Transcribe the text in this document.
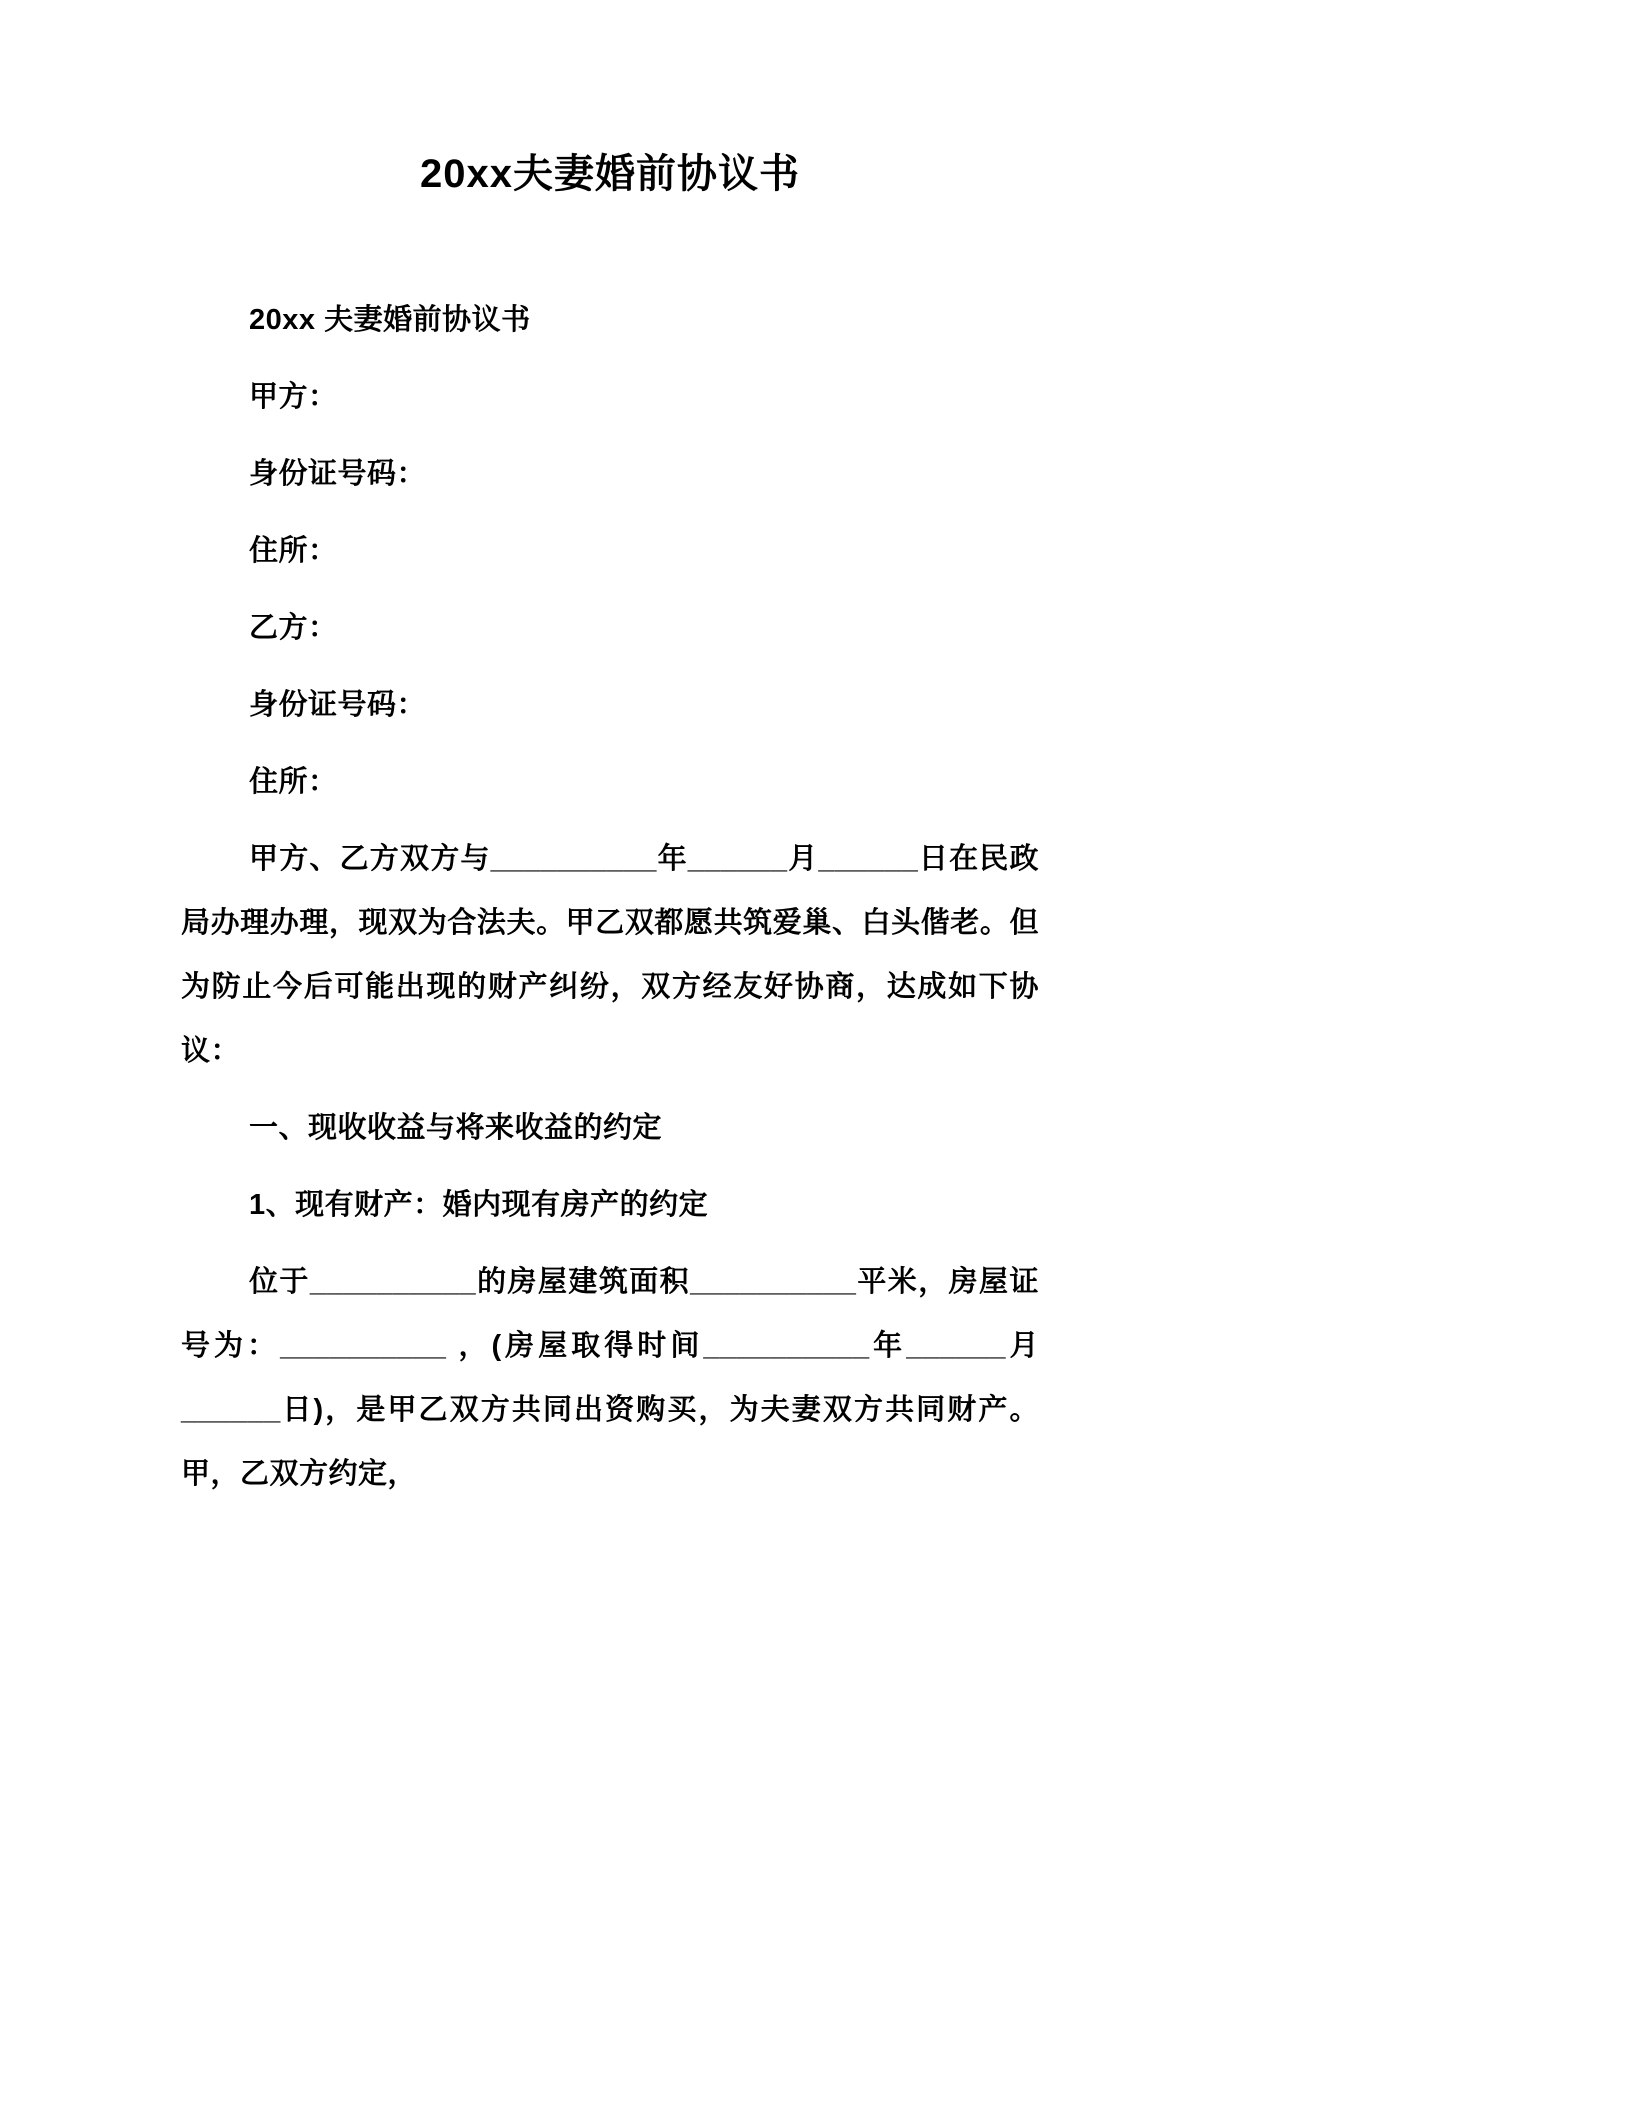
20xx夫妻婚前协议书

20xx 夫妻婚前协议书

甲方：

身份证号码：

住所：

乙方：

身份证号码：

住所：

甲方、乙方双方与__________年______月______日在民政局办理办理，现双为合法夫。甲乙双都愿共筑爱巢、白头偕老。但为防止今后可能出现的财产纠纷，双方经友好协商，达成如下协议：

一、现收收益与将来收益的约定

1、现有财产：婚内现有房产的约定

位于__________的房屋建筑面积__________平米，房屋证号为：__________ ，(房屋取得时间__________年______月______日)，是甲乙双方共同出资购买，为夫妻双方共同财产。甲，乙双方约定，
